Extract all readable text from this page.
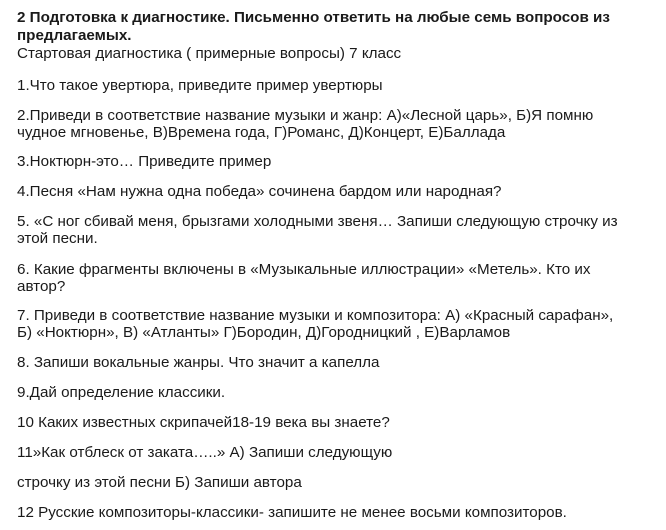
2 Подготовка к диагностике. Письменно ответить на любые семь вопросов из
предлагаемых.
Стартовая диагностика ( примерные вопросы) 7 класс
1.Что такое увертюра, приведите пример увертюры
2.Приведи в соответствие название музыки и жанр: А)«Лесной царь», Б)Я помню
чудное мгновенье, В)Времена года, Г)Романс, Д)Концерт, Е)Баллада
3.Ноктюрн-это… Приведите пример
4.Песня «Нам нужна одна победа» сочинена бардом или народная?
5. «С ног сбивай меня, брызгами холодными звеня… Запиши следующую строчку из
этой песни.
6. Какие фрагменты включены в «Музыкальные иллюстрации» «Метель». Кто их
автор?
7. Приведи в соответствие название музыки и композитора: А) «Красный сарафан»,
Б) «Ноктюрн», В) «Атланты» Г)Бородин, Д)Городницкий , Е)Варламов
8. Запиши вокальные жанры. Что значит а капелла
9.Дай определение классики.
10 Каких известных скрипачей18-19 века вы знаете?
11»Как отблеск от заката…..» А) Запиши следующую
строчку из этой песни Б) Запиши автора
12 Русские композиторы-классики- запишите не менее восьми композиторов.
